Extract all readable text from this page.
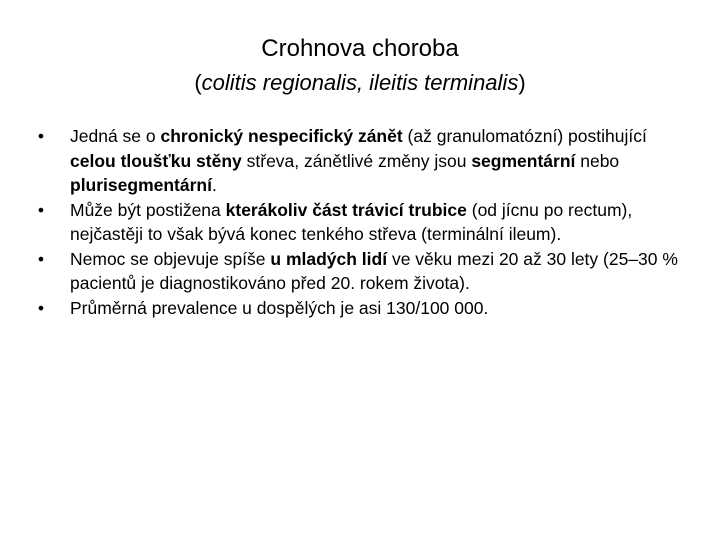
Crohnova choroba
(colitis regionalis, ileitis terminalis)
• Jedná se o chronický nespecifický zánět (až granulomatózní) postihující celou tloušťku stěny střeva, zánětlivé změny jsou segmentární nebo plurisegmentární.
• Může být postižena kterákoliv část trávicí trubice (od jícnu po rectum), nejčastěji to však bývá konec tenkého střeva (terminální ileum).
• Nemoc se objevuje spíše u mladých lidí ve věku mezi 20 až 30 lety (25–30 % pacientů je diagnostikováno před 20. rokem života).
• Průměrná prevalence u dospělých je asi 130/100 000.
